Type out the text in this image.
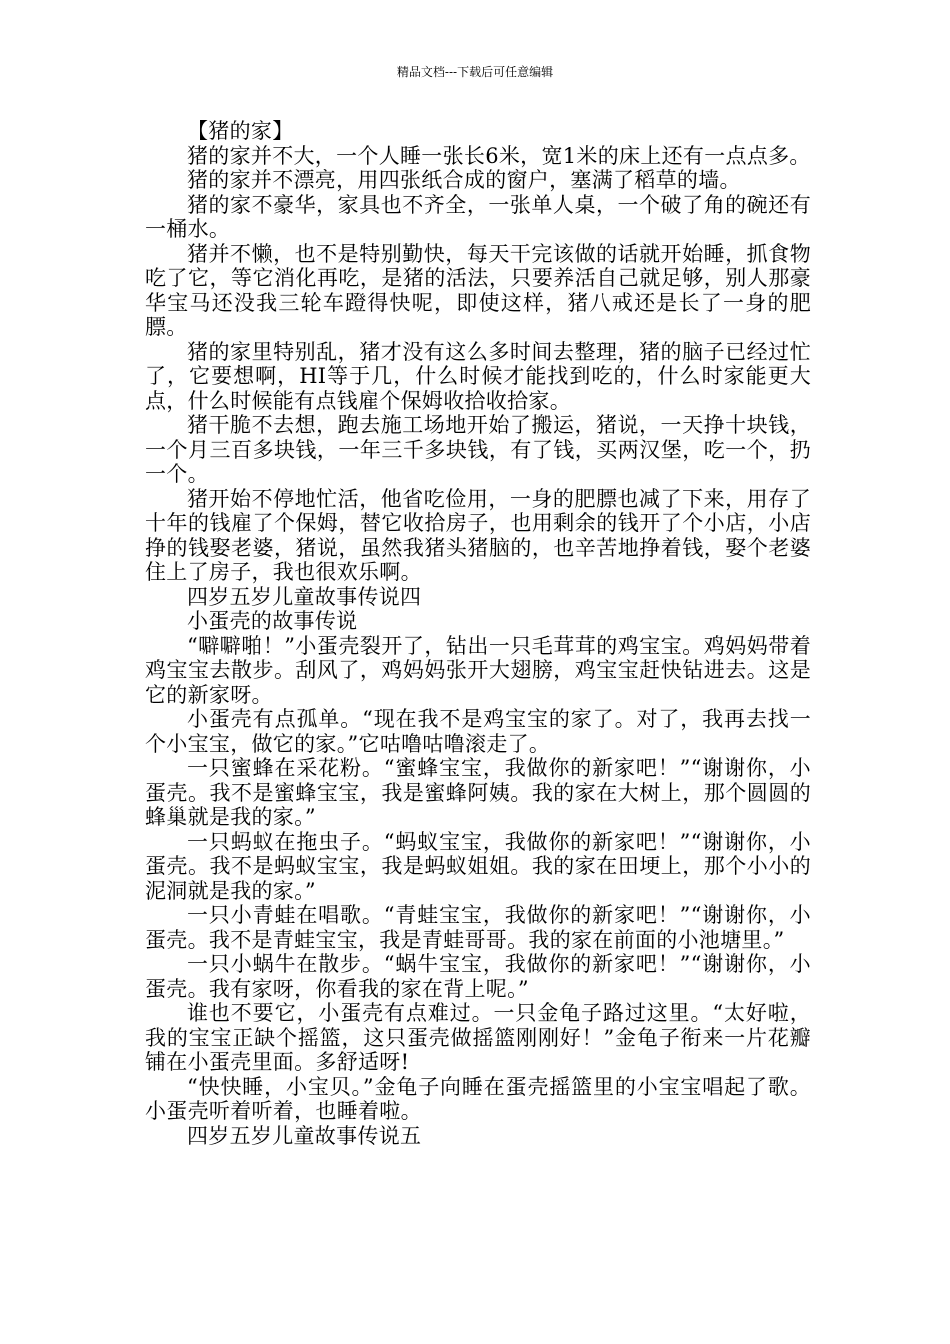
精品文档---下载后可任意编辑

【猪的家】

猪的家并不大，一个人睡一张长6米，宽1米的床上还有一点点多。

猪的家并不漂亮，用四张纸合成的窗户，塞满了稻草的墙。

猪的家不豪华，家具也不齐全，一张单人桌，一个破了角的碗还有一桶水。

猪并不懒，也不是特别勤快，每天干完该做的话就开始睡，抓食物吃了它，等它消化再吃，是猪的活法，只要养活自己就足够，别人那豪华宝马还没我三轮车蹬得快呢，即使这样，猪八戒还是长了一身的肥膘。

猪的家里特别乱，猪才没有这么多时间去整理，猪的脑子已经过忙了，它要想啊，HI等于几，什么时候才能找到吃的，什么时家能更大点，什么时候能有点钱雇个保姆收拾收拾家。

猪干脆不去想，跑去施工场地开始了搬运，猪说，一天挣十块钱，一个月三百多块钱，一年三千多块钱，有了钱，买两汉堡，吃一个，扔一个。

猪开始不停地忙活，他省吃俭用，一身的肥膘也减了下来，用存了十年的钱雇了个保姆，替它收拾房子，也用剩余的钱开了个小店，小店挣的钱娶老婆，猪说，虽然我猪头猪脑的，也辛苦地挣着钱，娶个老婆住上了房子，我也很欢乐啊。

四岁五岁儿童故事传说四

小蛋壳的故事传说

“噼噼啪！”小蛋壳裂开了，钻出一只毛茸茸的鸡宝宝。鸡妈妈带着鸡宝宝去散步。刮风了，鸡妈妈张开大翅膀，鸡宝宝赶快钻进去。这是它的新家呀。

小蛋壳有点孤单。“现在我不是鸡宝宝的家了。对了，我再去找一个小宝宝，做它的家。”它咕噜咕噜滚走了。

一只蜜蜂在采花粉。“蜜蜂宝宝，我做你的新家吧！”“谢谢你，小蛋壳。我不是蜜蜂宝宝，我是蜜蜂阿姨。我的家在大树上，那个圆圆的蜂巢就是我的家。”

一只蚂蚁在拖虫子。“蚂蚁宝宝，我做你的新家吧！”“谢谢你，小蛋壳。我不是蚂蚁宝宝，我是蚂蚁姐姐。我的家在田埂上，那个小小的泥洞就是我的家。”

一只小青蛙在唱歌。“青蛙宝宝，我做你的新家吧！”“谢谢你，小蛋壳。我不是青蛙宝宝，我是青蛙哥哥。我的家在前面的小池塘里。”

一只小蜗牛在散步。“蜗牛宝宝，我做你的新家吧！”“谢谢你，小蛋壳。我有家呀，你看我的家在背上呢。”

谁也不要它，小蛋壳有点难过。一只金龟子路过这里。“太好啦，我的宝宝正缺个摇篮，这只蛋壳做摇篮刚刚好！”金龟子衔来一片花瓣铺在小蛋壳里面。多舒适呀!

“快快睡，小宝贝。”金龟子向睡在蛋壳摇篮里的小宝宝唱起了歌。小蛋壳听着听着，也睡着啦。

四岁五岁儿童故事传说五
